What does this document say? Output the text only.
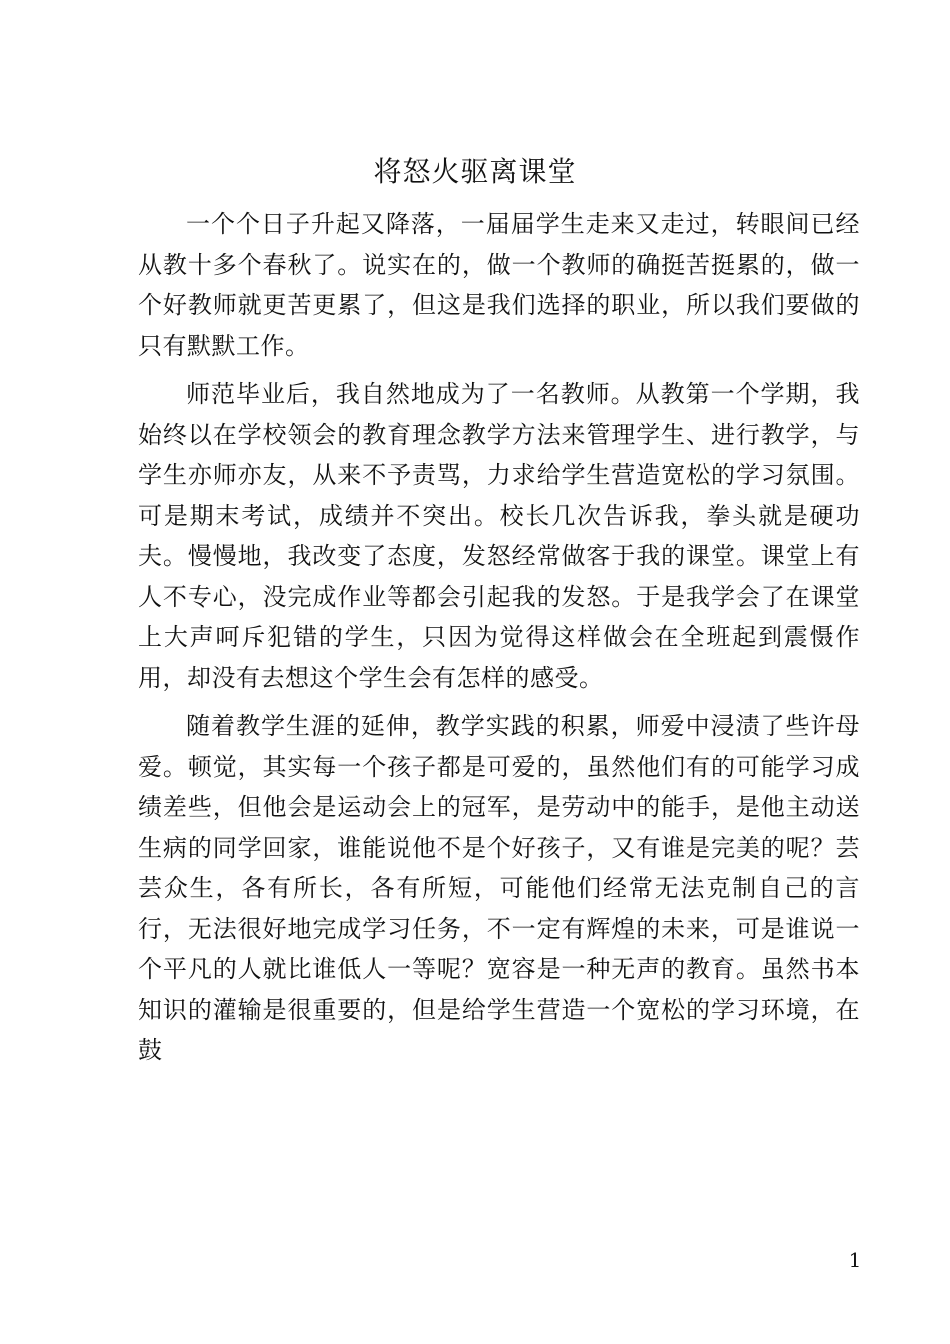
将怒火驱离课堂

一个个日子升起又降落，一届届学生走来又走过，转眼间已经从教十多个春秋了。说实在的，做一个教师的确挺苦挺累的，做一个好教师就更苦更累了，但这是我们选择的职业，所以我们要做的只有默默工作。

师范毕业后，我自然地成为了一名教师。从教第一个学期，我始终以在学校领会的教育理念教学方法来管理学生、进行教学，与学生亦师亦友，从来不予责骂，力求给学生营造宽松的学习氛围。可是期末考试，成绩并不突出。校长几次告诉我，拳头就是硬功夫。慢慢地，我改变了态度，发怒经常做客于我的课堂。课堂上有人不专心，没完成作业等都会引起我的发怒。于是我学会了在课堂上大声呵斥犯错的学生，只因为觉得这样做会在全班起到震慑作用，却没有去想这个学生会有怎样的感受。

随着教学生涯的延伸，教学实践的积累，师爱中浸渍了些许母爱。顿觉，其实每一个孩子都是可爱的，虽然他们有的可能学习成绩差些，但他会是运动会上的冠军，是劳动中的能手，是他主动送生病的同学回家，谁能说他不是个好孩子，又有谁是完美的呢？芸芸众生，各有所长，各有所短，可能他们经常无法克制自己的言行，无法很好地完成学习任务，不一定有辉煌的未来，可是谁说一个平凡的人就比谁低人一等呢？宽容是一种无声的教育。虽然书本知识的灌输是很重要的，但是给学生营造一个宽松的学习环境，在鼓

1
